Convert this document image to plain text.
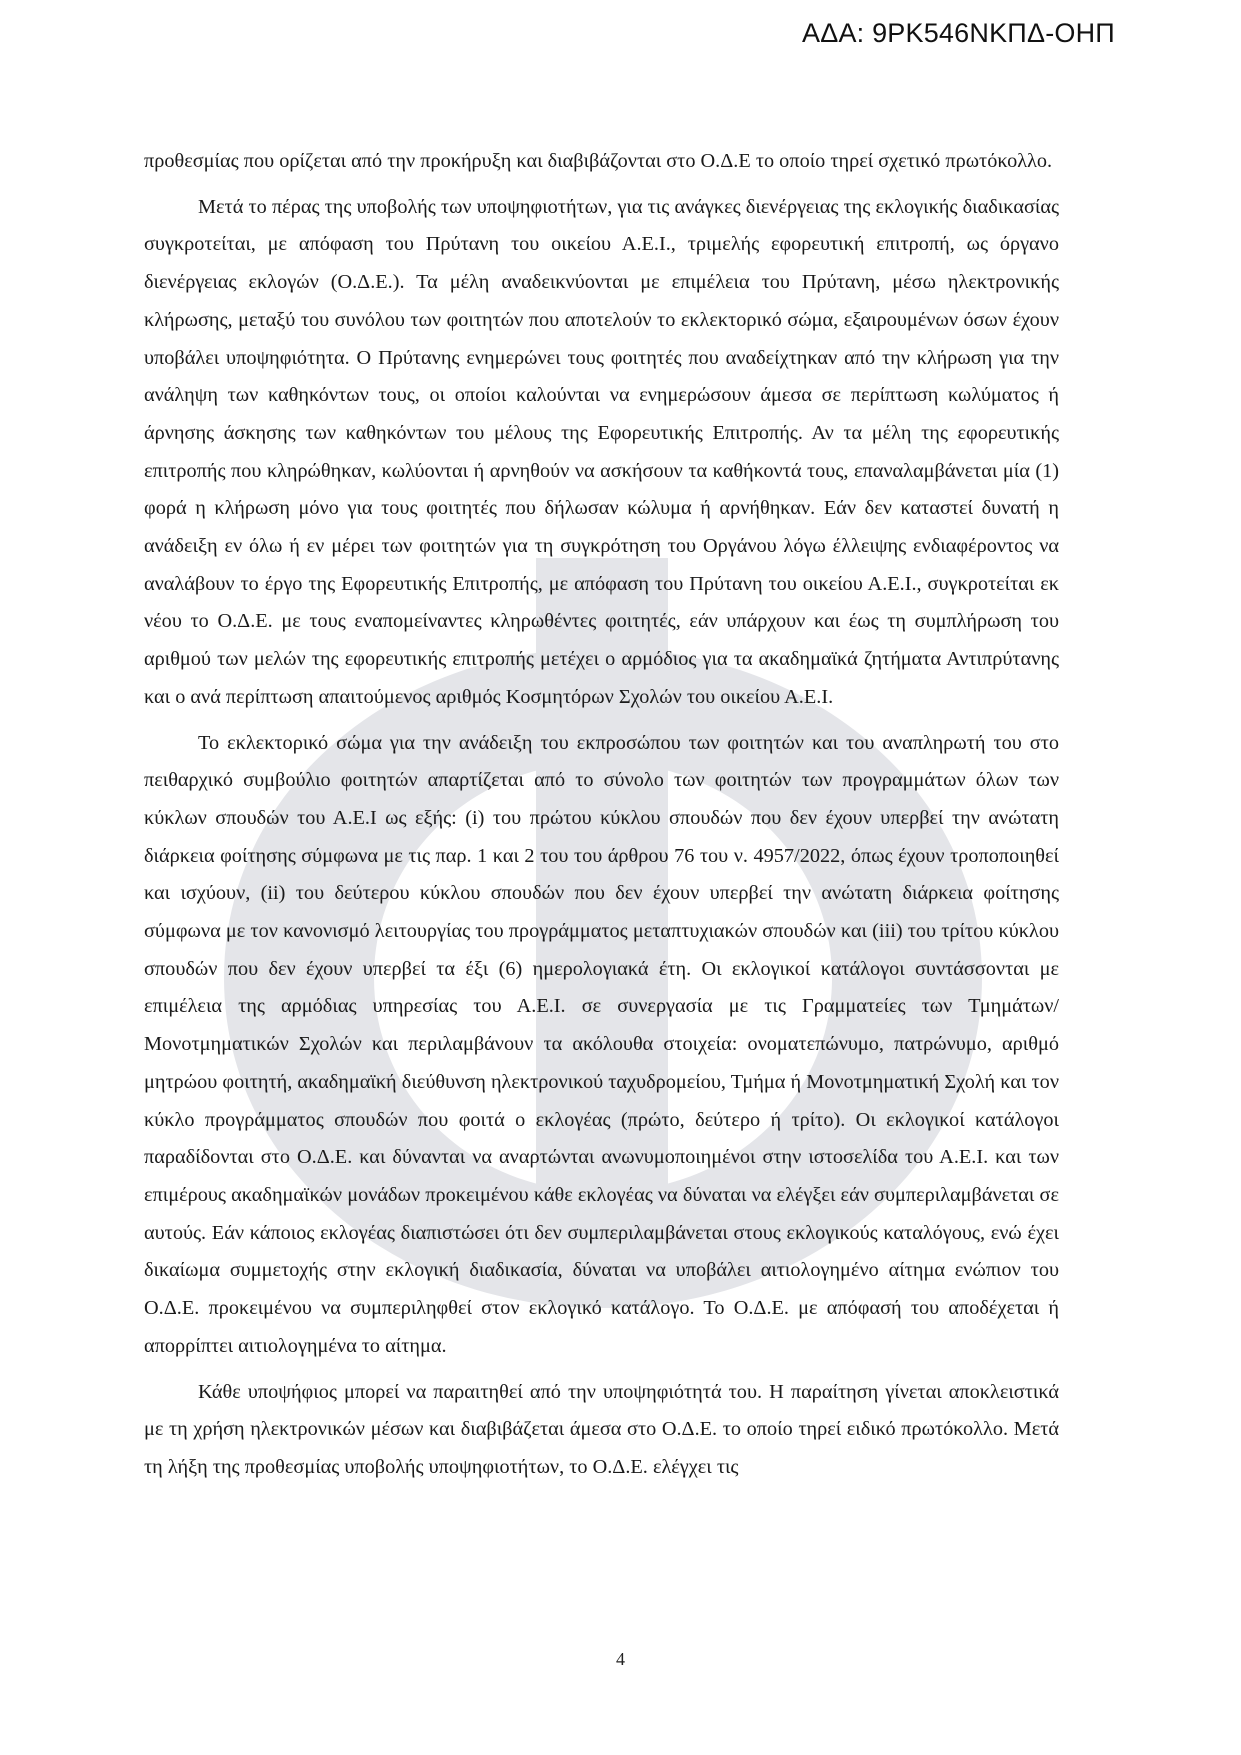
ΑΔΑ: 9ΡΚ546ΝΚΠΔ-ΟΗΠ

προθεσμίας που ορίζεται από την προκήρυξη και διαβιβάζονται στο Ο.Δ.Ε το οποίο τηρεί σχετικό πρωτόκολλο.

Μετά το πέρας της υποβολής των υποψηφιοτήτων, για τις ανάγκες διενέργειας της εκλογικής διαδικασίας συγκροτείται, με απόφαση του Πρύτανη του οικείου Α.Ε.Ι., τριμελής εφορευτική επιτροπή, ως όργανο διενέργειας εκλογών (Ο.Δ.Ε.). Τα μέλη αναδεικνύονται με επιμέλεια του Πρύτανη, μέσω ηλεκτρονικής κλήρωσης, μεταξύ του συνόλου των φοιτητών που αποτελούν το εκλεκτορικό σώμα, εξαιρουμένων όσων έχουν υποβάλει υποψηφιότητα. Ο Πρύτανης ενημερώνει τους φοιτητές που αναδείχτηκαν από την κλήρωση για την ανάληψη των καθηκόντων τους, οι οποίοι καλούνται να ενημερώσουν άμεσα σε περίπτωση κωλύματος ή άρνησης άσκησης των καθηκόντων του μέλους της Εφορευτικής Επιτροπής. Αν τα μέλη της εφορευτικής επιτροπής που κληρώθηκαν, κωλύονται ή αρνηθούν να ασκήσουν τα καθήκοντά τους, επαναλαμβάνεται μία (1) φορά η κλήρωση μόνο για τους φοιτητές που δήλωσαν κώλυμα ή αρνήθηκαν. Εάν δεν καταστεί δυνατή η ανάδειξη εν όλω ή εν μέρει των φοιτητών για τη συγκρότηση του Οργάνου λόγω έλλειψης ενδιαφέροντος να αναλάβουν το έργο της Εφορευτικής Επιτροπής, με απόφαση του Πρύτανη του οικείου Α.Ε.Ι., συγκροτείται εκ νέου το Ο.Δ.Ε. με τους εναπομείναντες κληρωθέντες φοιτητές, εάν υπάρχουν και έως τη συμπλήρωση του αριθμού των μελών της εφορευτικής επιτροπής μετέχει ο αρμόδιος για τα ακαδημαϊκά ζητήματα Αντιπρύτανης και ο ανά περίπτωση απαιτούμενος αριθμός Κοσμητόρων Σχολών του οικείου Α.Ε.Ι.

Το εκλεκτορικό σώμα για την ανάδειξη του εκπροσώπου των φοιτητών και του αναπληρωτή του στο πειθαρχικό συμβούλιο φοιτητών απαρτίζεται από το σύνολο των φοιτητών των προγραμμάτων όλων των κύκλων σπουδών του Α.Ε.Ι ως εξής: (i) του πρώτου κύκλου σπουδών που δεν έχουν υπερβεί την ανώτατη διάρκεια φοίτησης σύμφωνα με τις παρ. 1 και 2 του του άρθρου 76 του ν. 4957/2022, όπως έχουν τροποποιηθεί και ισχύουν, (ii) του δεύτερου κύκλου σπουδών που δεν έχουν υπερβεί την ανώτατη διάρκεια φοίτησης σύμφωνα με τον κανονισμό λειτουργίας του προγράμματος μεταπτυχιακών σπουδών και (iii) του τρίτου κύκλου σπουδών που δεν έχουν υπερβεί τα έξι (6) ημερολογιακά έτη. Οι εκλογικοί κατάλογοι συντάσσονται με επιμέλεια της αρμόδιας υπηρεσίας του Α.Ε.Ι. σε συνεργασία με τις Γραμματείες των Τμημάτων/ Μονοτμηματικών Σχολών και περιλαμβάνουν τα ακόλουθα στοιχεία: ονοματεπώνυμο, πατρώνυμο, αριθμό μητρώου φοιτητή, ακαδημαϊκή διεύθυνση ηλεκτρονικού ταχυδρομείου, Τμήμα ή Μονοτμηματική Σχολή και τον κύκλο προγράμματος σπουδών που φοιτά ο εκλογέας (πρώτο, δεύτερο ή τρίτο). Οι εκλογικοί κατάλογοι παραδίδονται στο Ο.Δ.Ε. και δύνανται να αναρτώνται ανωνυμοποιημένοι στην ιστοσελίδα του Α.Ε.Ι. και των επιμέρους ακαδημαϊκών μονάδων προκειμένου κάθε εκλογέας να δύναται να ελέγξει εάν συμπεριλαμβάνεται σε αυτούς. Εάν κάποιος εκλογέας διαπιστώσει ότι δεν συμπεριλαμβάνεται στους εκλογικούς καταλόγους, ενώ έχει δικαίωμα συμμετοχής στην εκλογική διαδικασία, δύναται να υποβάλει αιτιολογημένο αίτημα ενώπιον του Ο.Δ.Ε. προκειμένου να συμπεριληφθεί στον εκλογικό κατάλογο. Το Ο.Δ.Ε. με απόφασή του αποδέχεται ή απορρίπτει αιτιολογημένα το αίτημα.

Κάθε υποψήφιος μπορεί να παραιτηθεί από την υποψηφιότητά του. Η παραίτηση γίνεται αποκλειστικά με τη χρήση ηλεκτρονικών μέσων και διαβιβάζεται άμεσα στο Ο.Δ.Ε. το οποίο τηρεί ειδικό πρωτόκολλο. Μετά τη λήξη της προθεσμίας υποβολής υποψηφιοτήτων, το Ο.Δ.Ε. ελέγχει τις

4
